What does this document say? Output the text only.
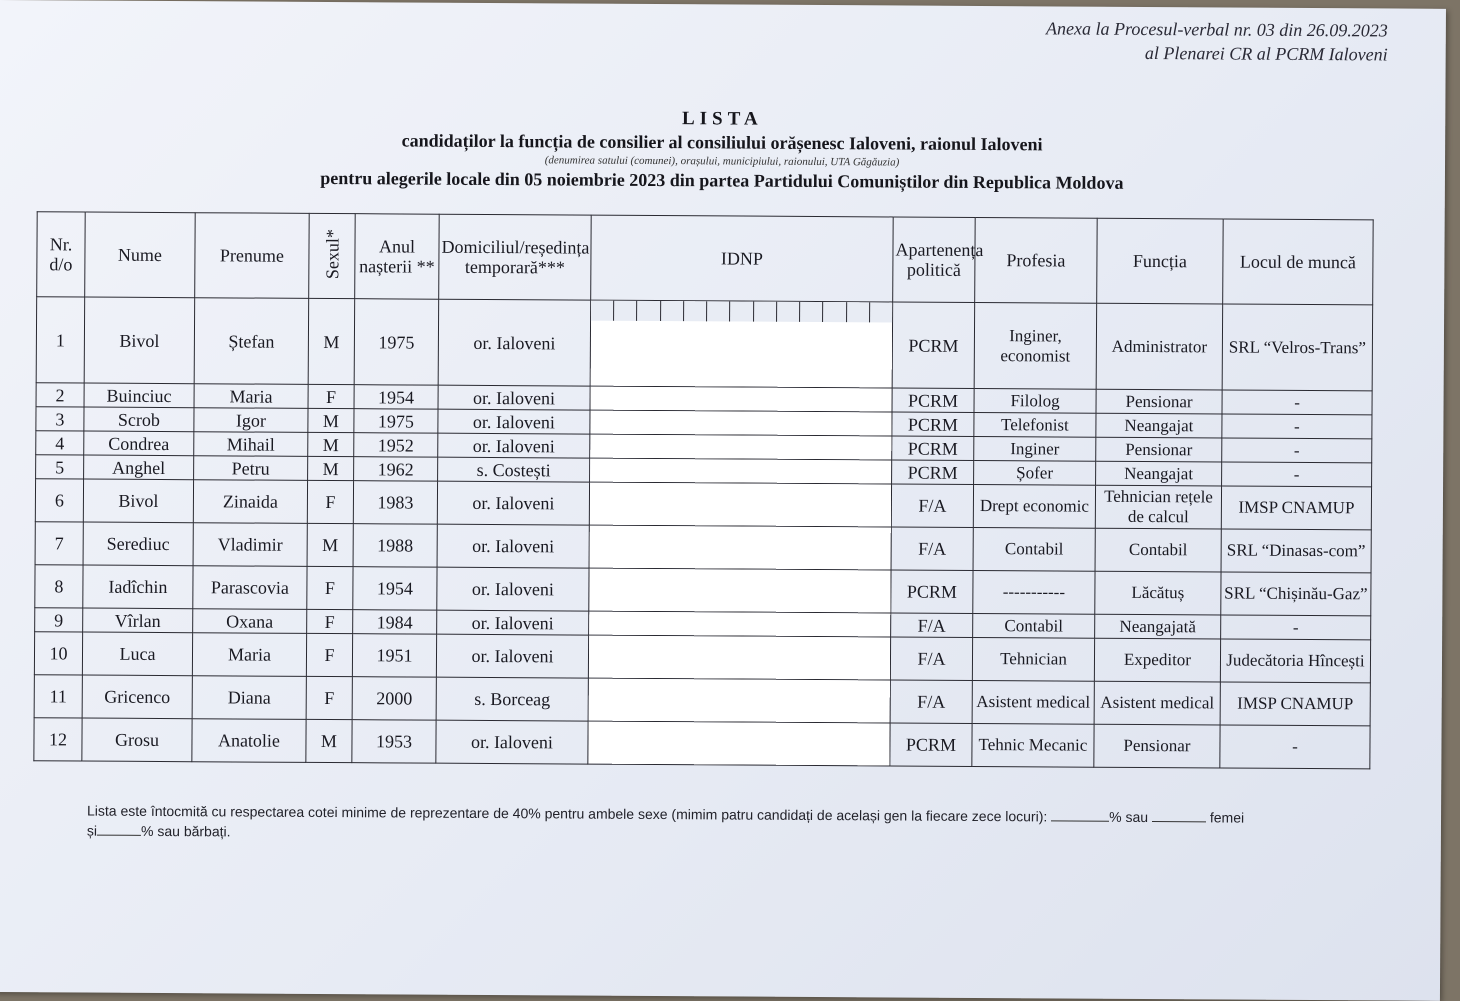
Anexa la Procesul-verbal nr. 03 din 26.09.2023
al Plenarei CR al PCRM Ialoveni
LISTA
candidaților la funcția de consilier al consiliului orășenesc Ialoveni, raionul Ialoveni
(denumirea satului (comunei), orașului, municipiului, raionului, UTA Găgăuzia)
pentru alegerile locale din 05 noiembrie 2023 din partea Partidului Comuniștilor din Republica Moldova
Nr. d/o	Nume	Prenume	Sexul*	Anul nașterii **	Domiciliul/reședința temporară***	IDNP	Apartenența politică	Profesia	Funcția	Locul de muncă
1	Bivol	Ștefan	M	1975	or. Ialoveni		PCRM	Inginer, economist	Administrator	SRL “Velros-Trans”
2	Buinciuc	Maria	F	1954	or. Ialoveni		PCRM	Filolog	Pensionar	-
3	Scrob	Igor	M	1975	or. Ialoveni		PCRM	Telefonist	Neangajat	-
4	Condrea	Mihail	M	1952	or. Ialoveni		PCRM	Inginer	Pensionar	-
5	Anghel	Petru	M	1962	s. Costești		PCRM	Șofer	Neangajat	-
6	Bivol	Zinaida	F	1983	or. Ialoveni		F/A	Drept economic	Tehnician rețele de calcul	IMSP CNAMUP
7	Serediuc	Vladimir	M	1988	or. Ialoveni		F/A	Contabil	Contabil	SRL “Dinasas-com”
8	Iadîchin	Parascovia	F	1954	or. Ialoveni		PCRM	-----------	Lăcătuș	SRL “Chișinău-Gaz”
9	Vîrlan	Oxana	F	1984	or. Ialoveni		F/A	Contabil	Neangajată	-
10	Luca	Maria	F	1951	or. Ialoveni		F/A	Tehnician	Expeditor	Judecătoria Hîncești
11	Gricenco	Diana	F	2000	s. Borceag		F/A	Asistent medical	Asistent medical	IMSP CNAMUP
12	Grosu	Anatolie	M	1953	or. Ialoveni		PCRM	Tehnic Mecanic	Pensionar	-
Lista este întocmită cu respectarea cotei minime de reprezentare de 40% pentru ambele sexe (mimim patru candidați de același gen la fiecare zece locuri):	% sau	femei
și	% sau bărbați.
